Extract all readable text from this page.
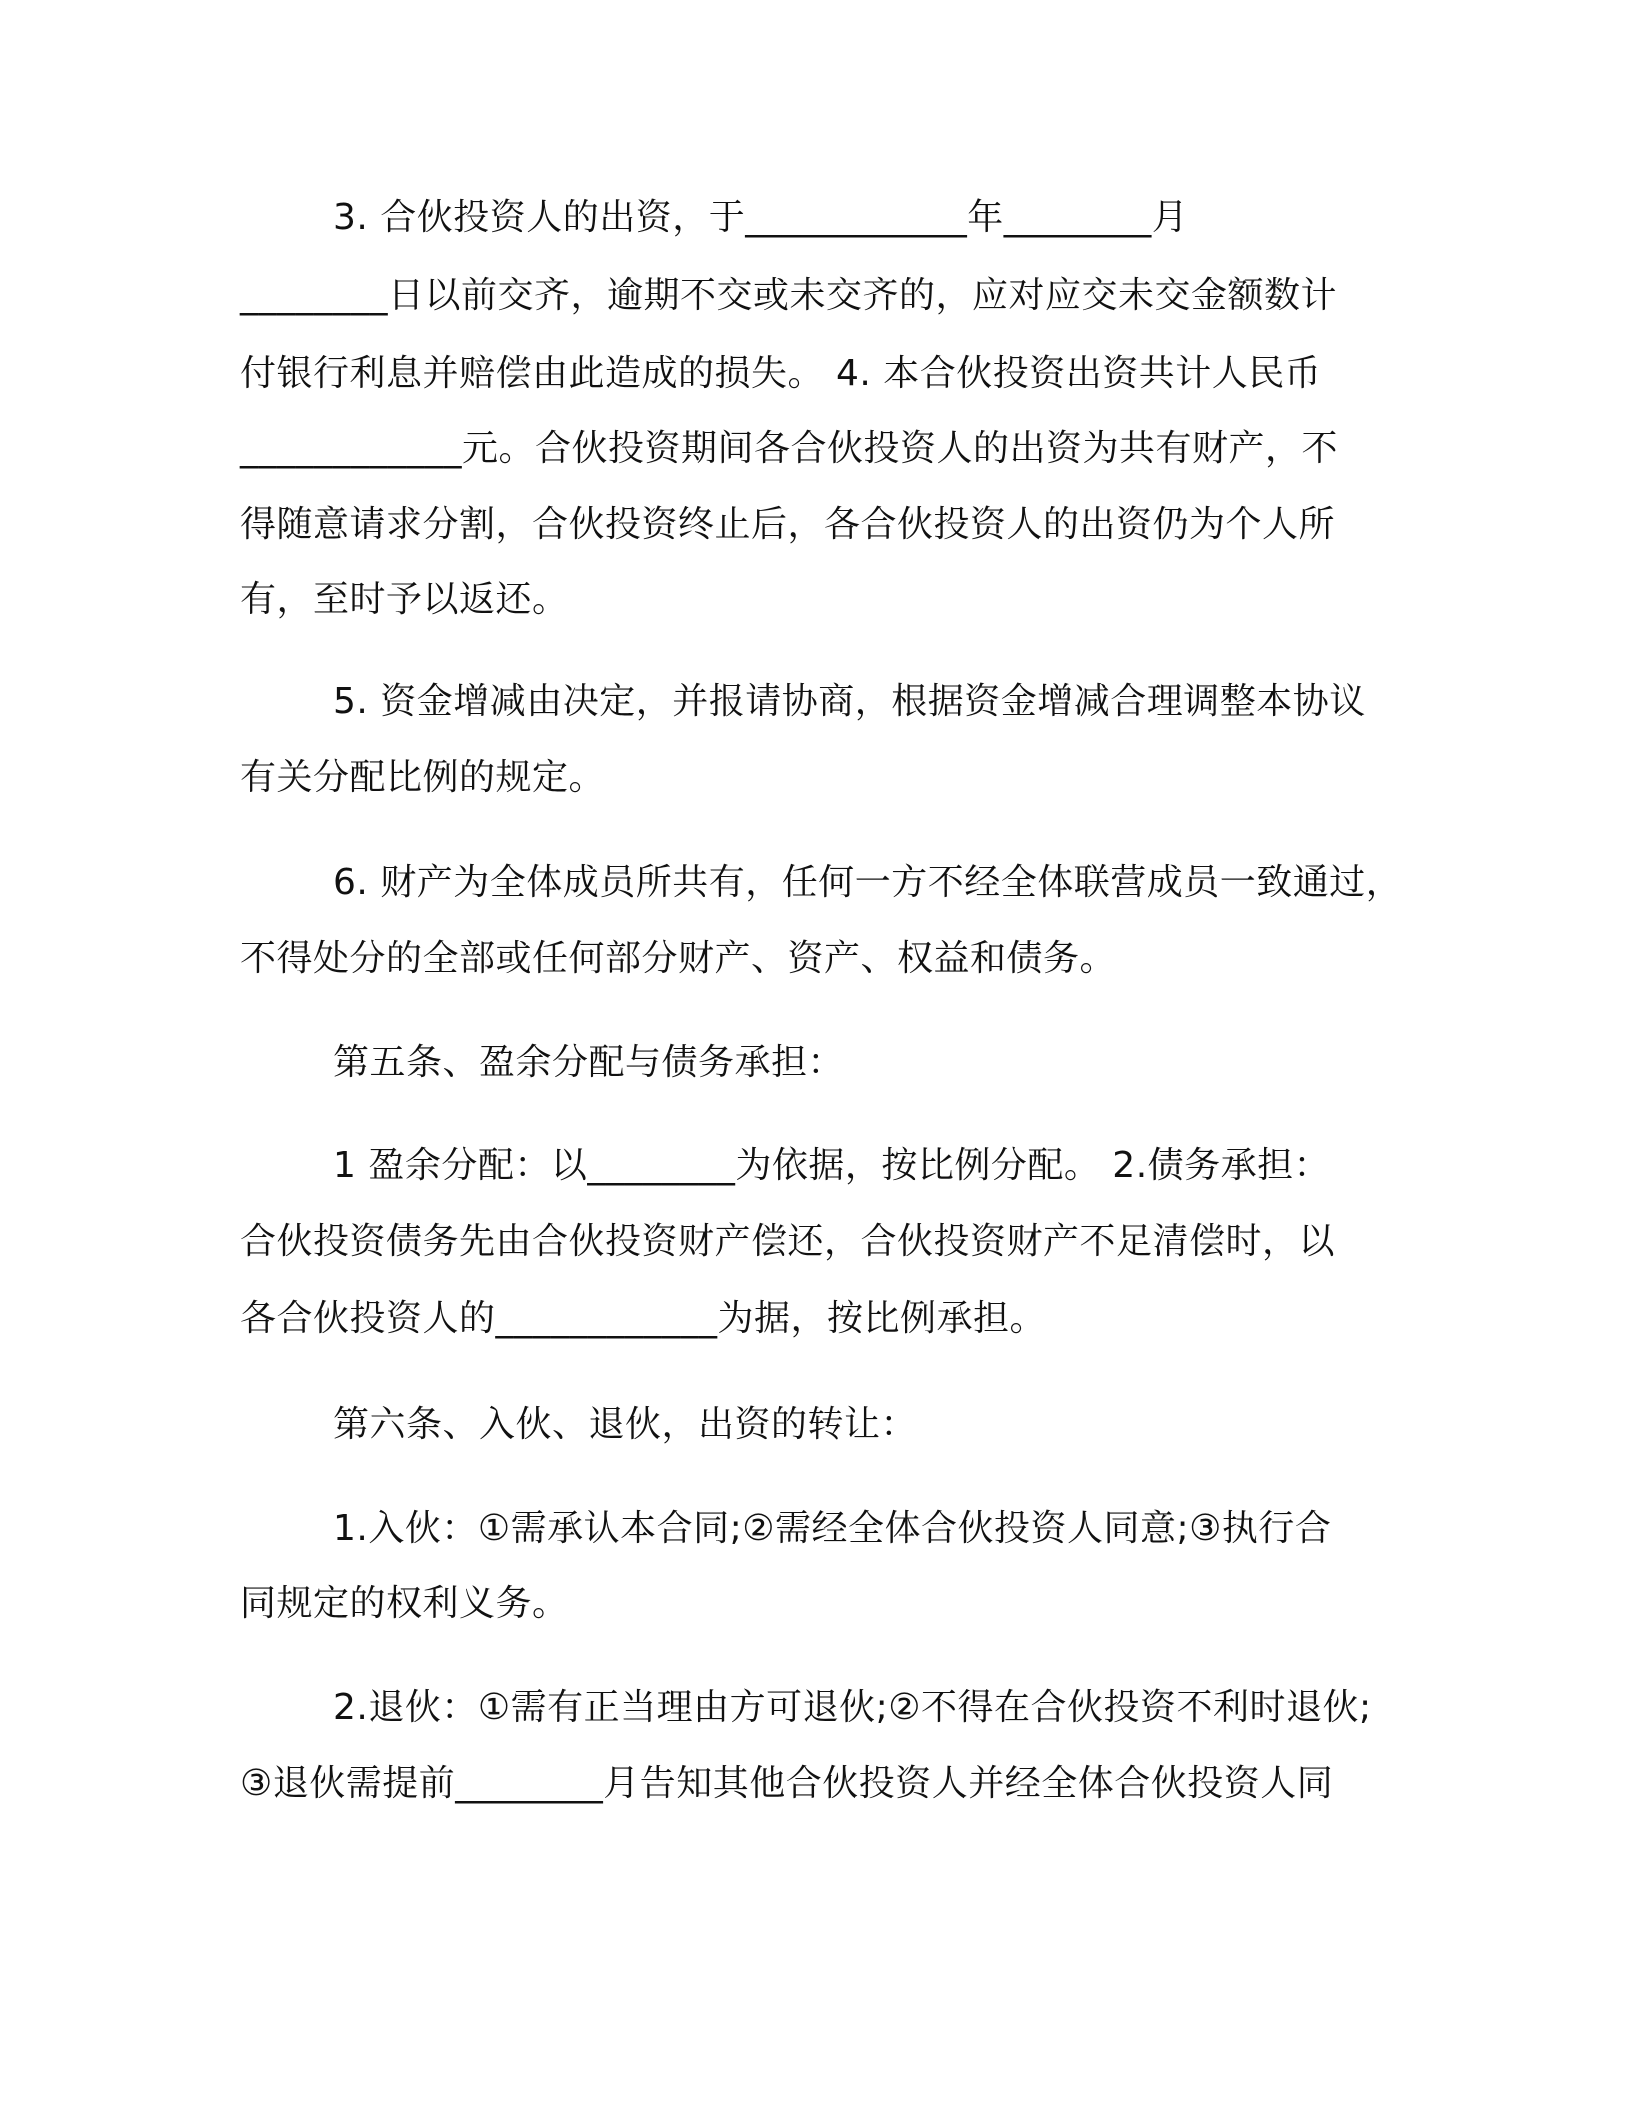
3. 合伙投资人的出资，于____________年________月
________日以前交齐，逾期不交或未交齐的，应对应交未交金额数计
付银行利息并赔偿由此造成的损失。 4. 本合伙投资出资共计人民币
____________元。合伙投资期间各合伙投资人的出资为共有财产，不
得随意请求分割，合伙投资终止后，各合伙投资人的出资仍为个人所
有，至时予以返还。
5. 资金增减由决定，并报请协商，根据资金增减合理调整本协议
有关分配比例的规定。
6. 财产为全体成员所共有，任何一方不经全体联营成员一致通过，
不得处分的全部或任何部分财产、资产、权益和债务。
第五条、盈余分配与债务承担：
1 盈余分配：以________为依据，按比例分配。 2.债务承担：
合伙投资债务先由合伙投资财产偿还，合伙投资财产不足清偿时，以
各合伙投资人的____________为据，按比例承担。
第六条、入伙、退伙，出资的转让：
1.入伙：①需承认本合同;②需经全体合伙投资人同意;③执行合
同规定的权利义务。
2.退伙：①需有正当理由方可退伙;②不得在合伙投资不利时退伙;
③退伙需提前________月告知其他合伙投资人并经全体合伙投资人同
